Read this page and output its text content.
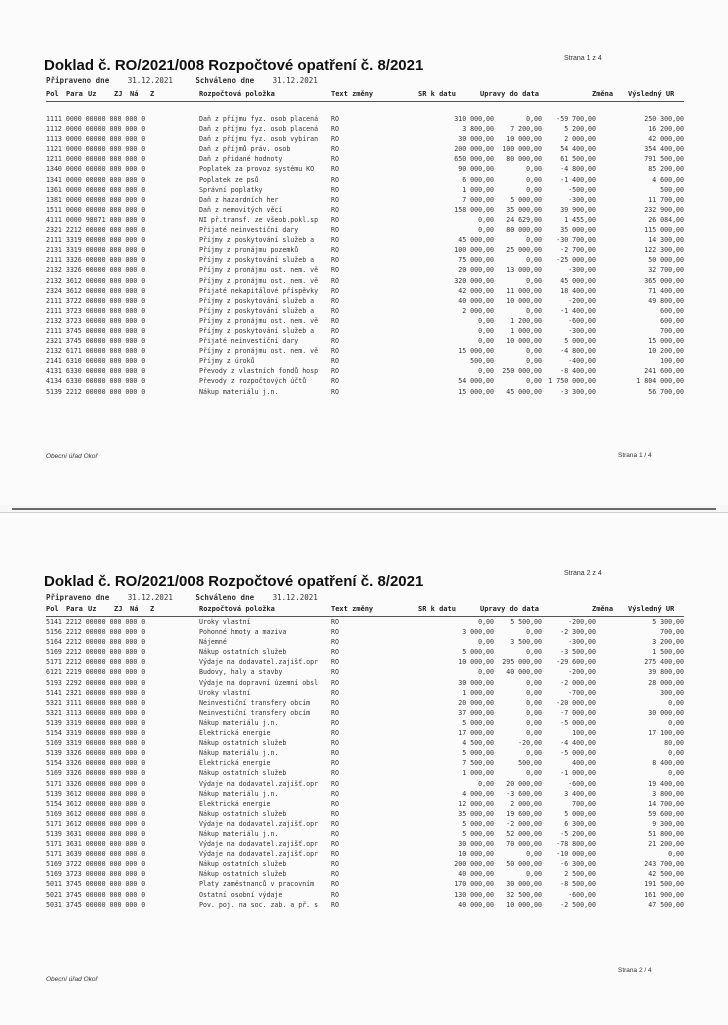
Strana 1 z 4
Doklad č. RO/2021/008 Rozpočtové opatření č. 8/2021
Připraveno dne 31.12.2021	Schváleno dne 31.12.2021
Pol Para Uz	ZJ Ná Z	Rozpočtová položka	Text změny	SR k datu	Úpravy do data	Změna Výsledný UR
1111 0000 00000 000 000 0	Daň z příjmu fyz. osob placená	RO	310 000,00	0,00	-59 700,00	250 300,00
1112 0000 00000 000 000 0	Daň z příjmu fyz. osob placená	RO	3 800,00	7 200,00	5 200,00	16 200,00
1113 0000 00000 000 000 0	Daň z příjmu fyz. osob vybíran	RO	30 000,00	10 000,00	2 000,00	42 000,00
1121 0000 00000 000 000 0	Daň z příjmů práv. osob	RO	200 000,00	100 000,00	54 400,00	354 400,00
1211 0000 00000 000 000 0	Daň z přidané hodnoty	RO	650 000,00	80 000,00	61 500,00	791 500,00
1340 0000 00000 000 000 0	Poplatek za provoz systému KO	RO	90 000,00	0,00	-4 800,00	85 200,00
1341 0000 00000 000 000 0	Poplatek ze psů	RO	6 000,00	0,00	-1 400,00	4 600,00
1361 0000 00000 000 000 0	Správní poplatky	RO	1 000,00	0,00	-500,00	500,00
1381 0000 00000 000 000 0	Daň z hazardních her	RO	7 000,00	5 000,00	-300,00	11 700,00
1511 0000 00000 000 000 0	Daň z nemovitých věcí	RO	158 000,00	35 000,00	39 900,00	232 900,00
4111 0000 98071 000 000 0	NI př.transf. ze všeob.pokl.sp	RO	0,00	24 629,00	1 455,00	26 084,00
2321 2212 00000 000 000 0	Přijaté neinvestiční dary	RO	0,00	80 000,00	35 000,00	115 000,00
2111 3319 00000 000 000 0	Příjmy z poskytování služeb a	RO	45 000,00	0,00	-30 700,00	14 300,00
2131 3319 00000 000 000 0	Příjmy z pronájmu pozemků	RO	100 000,00	25 000,00	-2 700,00	122 300,00
2111 3326 00000 000 000 0	Příjmy z poskytování služeb a	RO	75 000,00	0,00	-25 000,00	50 000,00
2132 3326 00000 000 000 0	Příjmy z pronájmu ost. nem. vě	RO	20 000,00	13 000,00	-300,00	32 700,00
2132 3612 00000 000 000 0	Příjmy z pronájmu ost. nem. vě	RO	320 000,00	0,00	45 000,00	365 000,00
2324 3612 00000 000 000 0	Přijaté nekapitálové příspěvky	RO	42 000,00	11 000,00	18 400,00	71 400,00
2111 3722 00000 000 000 0	Příjmy z poskytování služeb a	RO	40 000,00	10 000,00	-200,00	49 800,00
2111 3723 00000 000 000 0	Příjmy z poskytování služeb a	RO	2 000,00	0,00	-1 400,00	600,00
2132 3723 00000 000 000 0	Příjmy z pronájmu ost. nem. vě	RO	0,00	1 200,00	-600,00	600,00
2111 3745 00000 000 000 0	Příjmy z poskytování služeb a	RO	0,00	1 000,00	-300,00	700,00
2321 3745 00000 000 000 0	Přijaté neinvestiční dary	RO	0,00	10 000,00	5 000,00	15 000,00
2132 6171 00000 000 000 0	Příjmy z pronájmu ost. nem. vě	RO	15 000,00	0,00	-4 800,00	10 200,00
2141 6310 00000 000 000 0	Příjmy z úroků	RO	500,00	0,00	-400,00	100,00
4131 6330 00000 000 000 0	Převody z vlastních fondů hosp	RO	0,00	250 000,00	-8 400,00	241 600,00
4134 6330 00000 000 000 0	Převody z rozpočtových účtů	RO	54 000,00	0,00 1 750 000,00	1 804 000,00
5139 2212 00000 000 000 0	Nákup materiálu j.n.	RO	15 000,00	45 000,00	-3 300,00	56 700,00
Obecní úřad Okoř	Strana 1 / 4
Strana 2 z 4
Doklad č. RO/2021/008 Rozpočtové opatření č. 8/2021
Připraveno dne 31.12.2021	Schváleno dne 31.12.2021
Pol Para Uz	ZJ Ná Z	Rozpočtová položka	Text změny	SR k datu	Úpravy do data	Změna Výsledný UR
5141 2212 00000 000 000 0	Úroky vlastní	RO	0,00	5 500,00	-200,00	5 300,00
5156 2212 00000 000 000 0	Pohonné hmoty a maziva	RO	3 000,00	0,00	-2 300,00	700,00
5164 2212 00000 000 000 0	Nájemné	RO	0,00	3 500,00	-300,00	3 200,00
5169 2212 00000 000 000 0	Nákup ostatních služeb	RO	5 000,00	0,00	-3 500,00	1 500,00
5171 2212 00000 000 000 0	Výdaje na dodavatel.zajišť.opr	RO	10 000,00	295 000,00	-29 600,00	275 400,00
6121 2219 00000 000 000 0	Budovy, haly a stavby	RO	0,00	40 000,00	-200,00	39 800,00
5193 2292 00000 000 000 0	Výdaje na dopravní územní obsl	RO	30 000,00	0,00	-2 000,00	28 000,00
5141 2321 00000 000 000 0	Úroky vlastní	RO	1 000,00	0,00	-700,00	300,00
5321 3111 00000 000 000 0	Neinvestiční transfery obcím	RO	20 000,00	0,00	-20 000,00	0,00
5321 3113 00000 000 000 0	Neinvestiční transfery obcím	RO	37 000,00	0,00	-7 000,00	30 000,00
5139 3319 00000 000 000 0	Nákup materiálu j.n.	RO	5 000,00	0,00	-5 000,00	0,00
5154 3319 00000 000 000 0	Elektrická energie	RO	17 000,00	0,00	100,00	17 100,00
5169 3319 00000 000 000 0	Nákup ostatních služeb	RO	4 500,00	-20,00	-4 400,00	80,00
5139 3326 00000 000 000 0	Nákup materiálu j.n.	RO	5 000,00	0,00	-5 000,00	0,00
5154 3326 00000 000 000 0	Elektrická energie	RO	7 500,00	500,00	400,00	8 400,00
5169 3326 00000 000 000 0	Nákup ostatních služeb	RO	1 000,00	0,00	-1 000,00	0,00
5171 3326 00000 000 000 0	Výdaje na dodavatel.zajišť.opr	RO	0,00	20 000,00	-600,00	19 400,00
5139 3612 00000 000 000 0	Nákup materiálu j.n.	RO	4 000,00	-3 600,00	3 400,00	3 800,00
5154 3612 00000 000 000 0	Elektrická energie	RO	12 000,00	2 000,00	700,00	14 700,00
5169 3612 00000 000 000 0	Nákup ostatních služeb	RO	35 000,00	19 600,00	5 000,00	59 600,00
5171 3612 00000 000 000 0	Výdaje na dodavatel.zajišť.opr	RO	5 000,00	-2 000,00	6 300,00	9 300,00
5139 3631 00000 000 000 0	Nákup materiálu j.n.	RO	5 000,00	52 000,00	-5 200,00	51 800,00
5171 3631 00000 000 000 0	Výdaje na dodavatel.zajišť.opr	RO	30 000,00	70 000,00	-78 800,00	21 200,00
5171 3639 00000 000 000 0	Výdaje na dodavatel.zajišť.opr	RO	10 000,00	0,00	-10 000,00	0,00
5169 3722 00000 000 000 0	Nákup ostatních služeb	RO	200 000,00	50 000,00	-6 300,00	243 700,00
5169 3723 00000 000 000 0	Nákup ostatních služeb	RO	40 000,00	0,00	2 500,00	42 500,00
5011 3745 00000 000 000 0	Platy zaměstnanců v pracovním	RO	170 000,00	30 000,00	-8 500,00	191 500,00
5021 3745 00000 000 000 0	Ostatní osobní výdaje	RO	130 000,00	32 500,00	-600,00	161 900,00
5031 3745 00000 000 000 0	Pov. poj. na soc. zab. a př. s	RO	40 000,00	10 000,00	-2 500,00	47 500,00
Obecní úřad Okoř
Strana 2 / 4
